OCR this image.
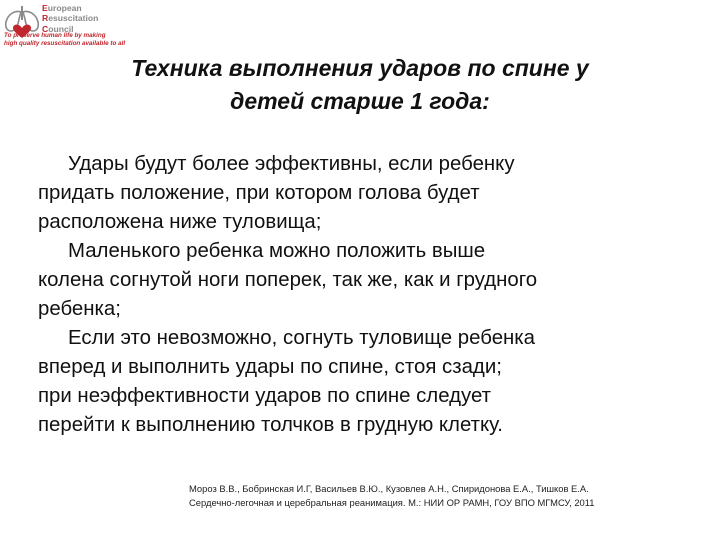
European
Resuscitation
Council
To preserve human life by making
high quality resuscitation available to all
Техника выполнения ударов по спине у
детей старше 1 года:
Удары будут более эффективны, если ребенку
придать положение, при котором голова будет
расположена ниже туловища;
Маленького ребенка можно положить выше
колена согнутой ноги поперек, так же, как и грудного
ребенка;
Если это невозможно, согнуть туловище ребенка
вперед и выполнить удары по спине, стоя сзади;
при неэффективности ударов по спине следует
перейти к выполнению толчков в грудную клетку.
Мороз В.В., Бобринская И.Г, Васильев В.Ю., Кузовлев А.Н., Спиридонова Е.А., Тишков Е.А.
Сердечно-легочная и церебральная реанимация. М.: НИИ ОР РАМН, ГОУ ВПО МГМСУ, 2011
